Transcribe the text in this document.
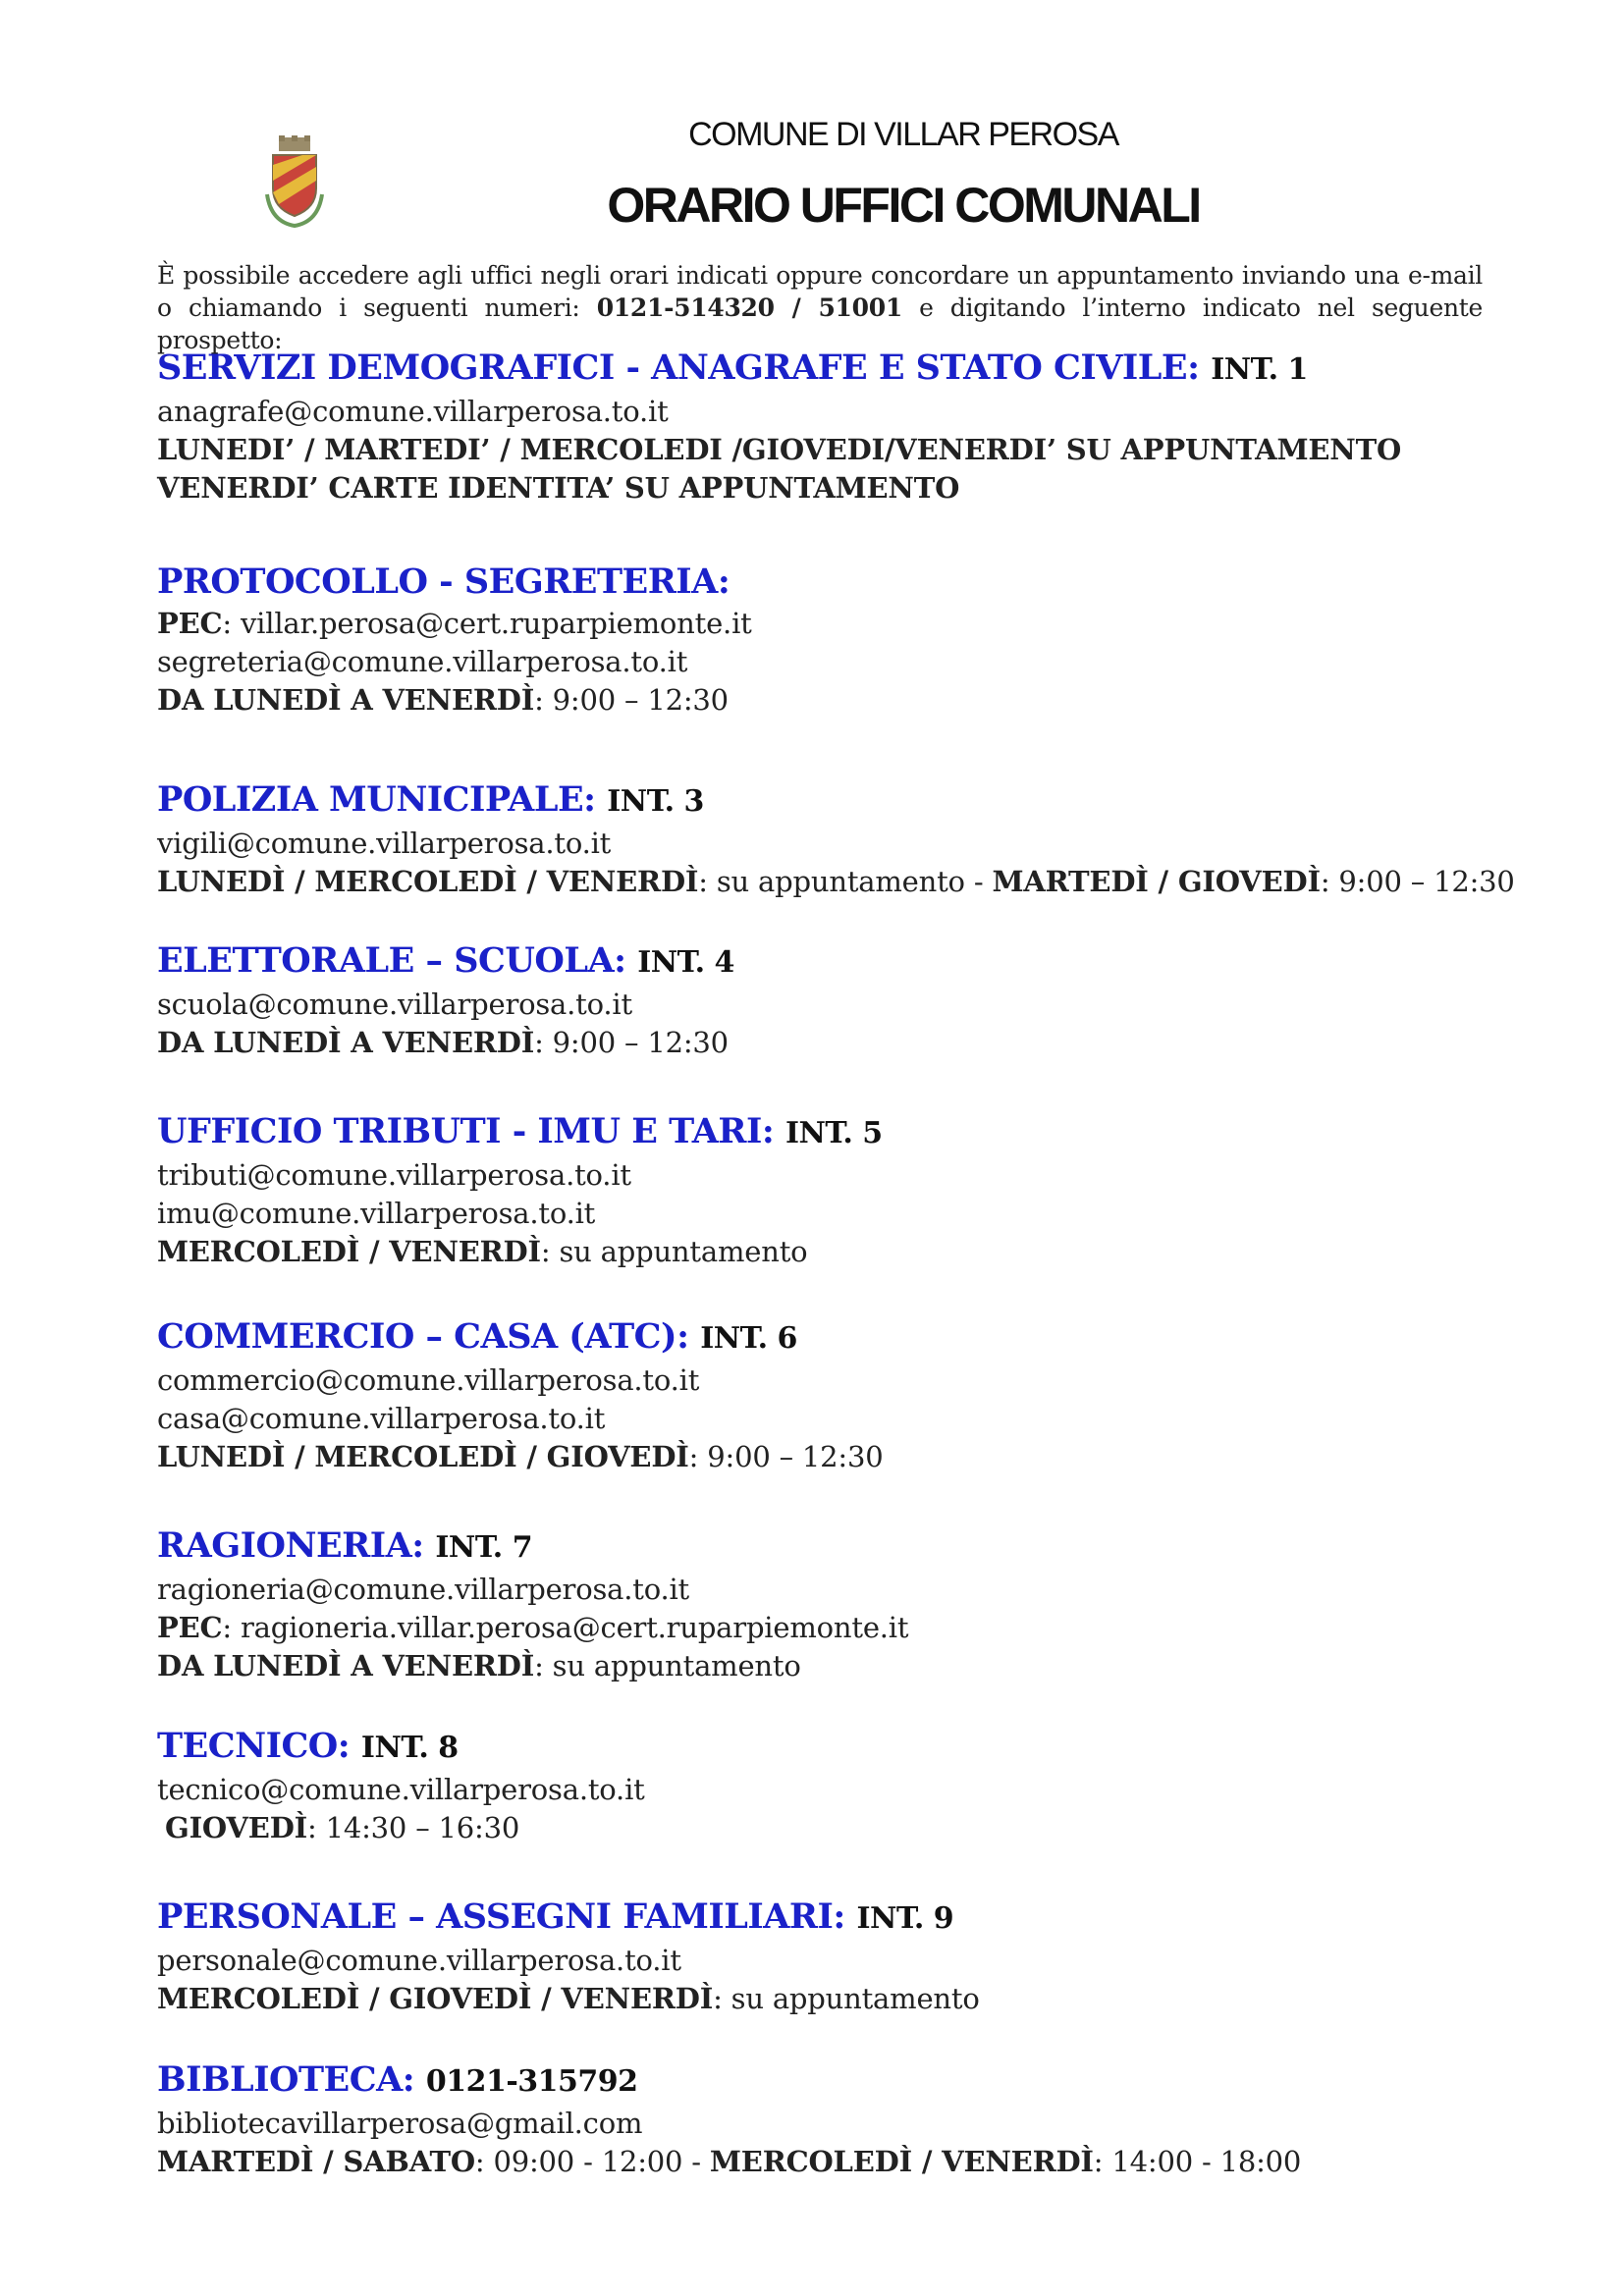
COMUNE DI VILLAR PEROSA
ORARIO UFFICI COMUNALI
È possibile accedere agli uffici negli orari indicati oppure concordare un appuntamento inviando una e-mail o chiamando i seguenti numeri: 0121-514320 / 51001 e digitando l’interno indicato nel seguente prospetto:
SERVIZI DEMOGRAFICI - ANAGRAFE E STATO CIVILE: INT. 1
anagrafe@comune.villarperosa.to.it
LUNEDI’ / MARTEDI’ / MERCOLEDI /GIOVEDI/VENERDI’ SU APPUNTAMENTO
VENERDI’ CARTE IDENTITA’ SU APPUNTAMENTO
PROTOCOLLO - SEGRETERIA:
PEC: villar.perosa@cert.ruparpiemonte.it
segreteria@comune.villarperosa.to.it
DA LUNEDÌ A VENERDÌ: 9:00 – 12:30
POLIZIA MUNICIPALE: INT. 3
vigili@comune.villarperosa.to.it
LUNEDÌ / MERCOLEDÌ / VENERDÌ: su appuntamento - MARTEDÌ / GIOVEDÌ: 9:00 – 12:30
ELETTORALE – SCUOLA: INT. 4
scuola@comune.villarperosa.to.it
DA LUNEDÌ A VENERDÌ: 9:00 – 12:30
UFFICIO TRIBUTI - IMU E TARI: INT. 5
tributi@comune.villarperosa.to.it
imu@comune.villarperosa.to.it
MERCOLEDÌ / VENERDÌ: su appuntamento
COMMERCIO – CASA (ATC): INT. 6
commercio@comune.villarperosa.to.it
casa@comune.villarperosa.to.it
LUNEDÌ / MERCOLEDÌ / GIOVEDÌ: 9:00 – 12:30
RAGIONERIA: INT. 7
ragioneria@comune.villarperosa.to.it
PEC: ragioneria.villar.perosa@cert.ruparpiemonte.it
DA LUNEDÌ A VENERDÌ: su appuntamento
TECNICO: INT. 8
tecnico@comune.villarperosa.to.it
GIOVEDÌ: 14:30 – 16:30
PERSONALE – ASSEGNI FAMILIARI: INT. 9
personale@comune.villarperosa.to.it
MERCOLEDÌ / GIOVEDÌ / VENERDÌ: su appuntamento
BIBLIOTECA: 0121-315792
bibliotecavillarperosa@gmail.com
MARTEDÌ / SABATO: 09:00 - 12:00 - MERCOLEDÌ / VENERDÌ: 14:00 - 18:00
